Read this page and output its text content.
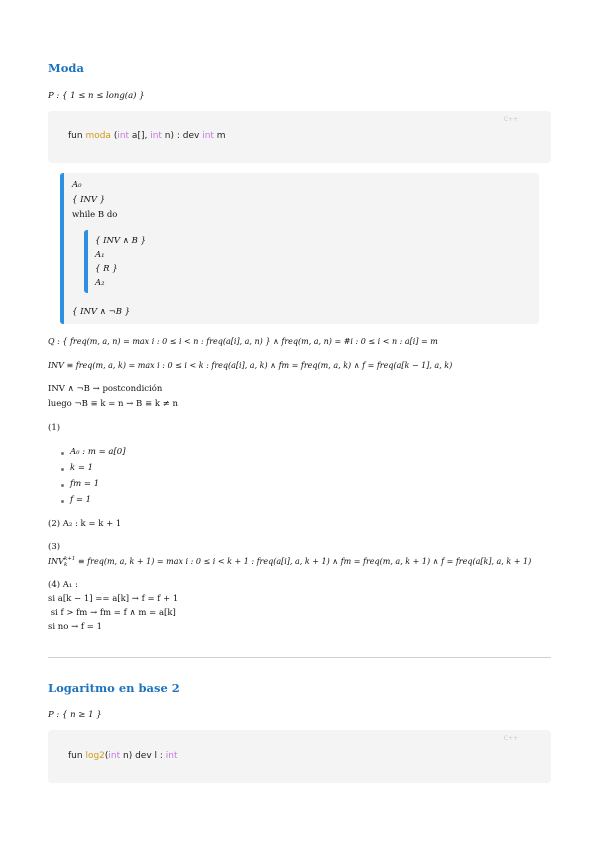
Moda
P : { 1 ≤ n ≤ long(a) }
C++
fun moda (int a[], int n) : dev int m
A₀
{ INV }
while B do
{ INV ∧ B }
A₁
{ R }
A₂
{ INV ∧ ¬B }
Q : { freq(m, a, n) = max i : 0 ≤ i < n : freq(a[i], a, n) } ∧ freq(m, a, n) = #i : 0 ≤ i < n : a[i] = m
INV ≡ freq(m, a, k) = max i : 0 ≤ i < k : freq(a[i], a, k) ∧ fm = freq(m, a, k) ∧ f = freq(a[k − 1], a, k)
INV ∧ ¬B → postcondición
luego ¬B ≡ k = n → B ≡ k ≠ n
(1)
A₀ : m = a[0]
k = 1
fm = 1
f = 1
(2) A₂ : k = k + 1
(3)
INV k+1
k	≡ freq(m, a, k + 1) = max i : 0 ≤ i < k + 1 : freq(a[i], a, k + 1) ∧ fm = freq(m, a, k + 1) ∧ f = freq(a[k], a, k + 1)
(4) A₁ :
si a[k − 1] == a[k] → f = f + 1
si f > fm → fm = f ∧ m = a[k]
si no → f = 1
Logaritmo en base 2
P : { n ≥ 1 }
C++
fun log2(int n) dev l : int
